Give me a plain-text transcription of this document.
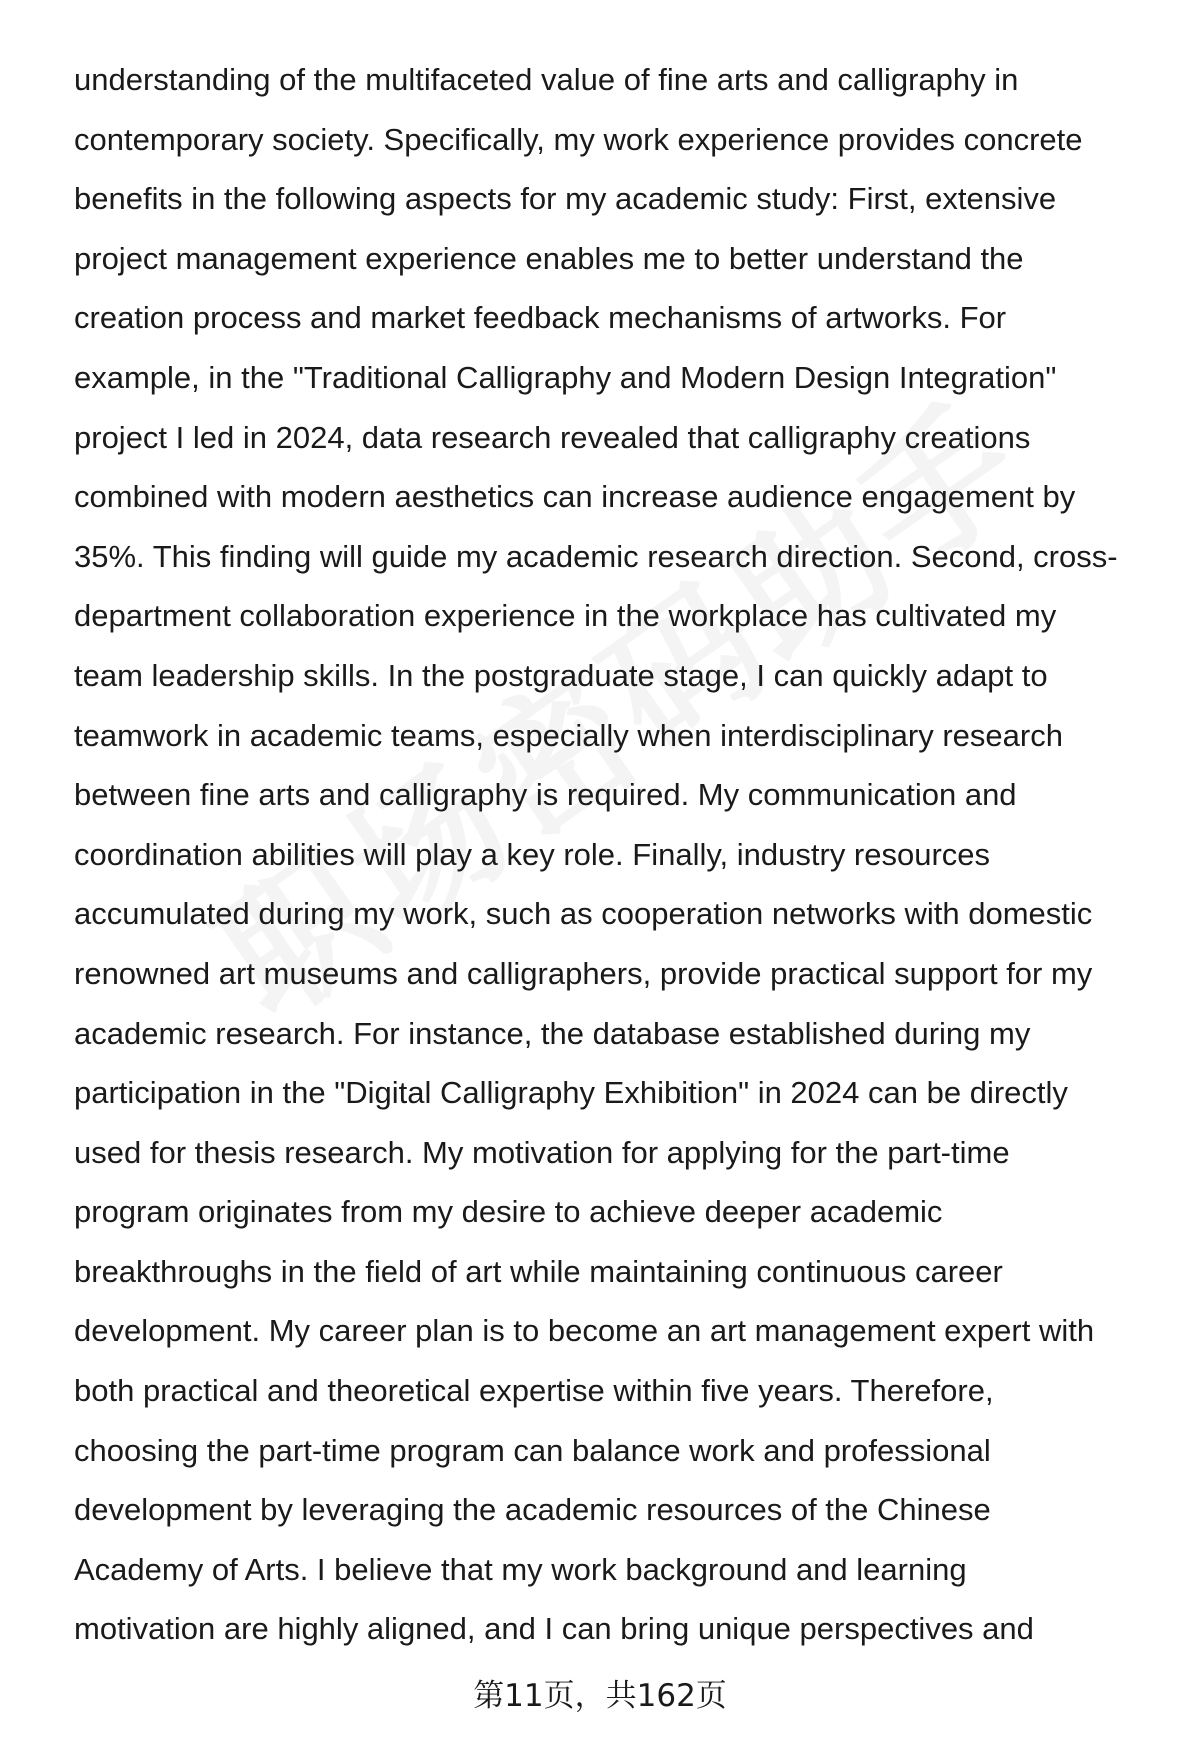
understanding of the multifaceted value of fine arts and calligraphy in
contemporary society. Specifically, my work experience provides concrete
benefits in the following aspects for my academic study: First, extensive
project management experience enables me to better understand the
creation process and market feedback mechanisms of artworks. For
example, in the "Traditional Calligraphy and Modern Design Integration"
project I led in 2024, data research revealed that calligraphy creations
combined with modern aesthetics can increase audience engagement by
35%. This finding will guide my academic research direction. Second, cross-
department collaboration experience in the workplace has cultivated my
team leadership skills. In the postgraduate stage, I can quickly adapt to
teamwork in academic teams, especially when interdisciplinary research
between fine arts and calligraphy is required. My communication and
coordination abilities will play a key role. Finally, industry resources
accumulated during my work, such as cooperation networks with domestic
renowned art museums and calligraphers, provide practical support for my
academic research. For instance, the database established during my
participation in the "Digital Calligraphy Exhibition" in 2024 can be directly
used for thesis research. My motivation for applying for the part-time
program originates from my desire to achieve deeper academic
breakthroughs in the field of art while maintaining continuous career
development. My career plan is to become an art management expert with
both practical and theoretical expertise within five years. Therefore,
choosing the part-time program can balance work and professional
development by leveraging the academic resources of the Chinese
Academy of Arts. I believe that my work background and learning
motivation are highly aligned, and I can bring unique perspectives and
第11页，共162页
